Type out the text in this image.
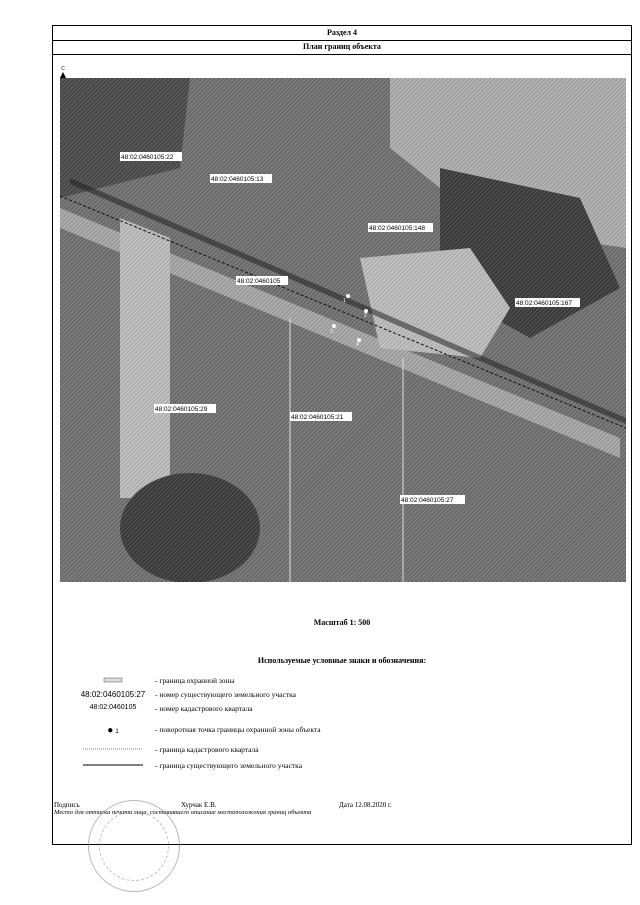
Раздел 4
План границ объекта
С
48:02:0460105:22
48:02:0460105:13
48:02:0460105:148
48:02:0460105
48:02:0460105:167
48:02:0460105:29
48:02:0460105:21
48:02:0460105:27
1
2
3
4
Масштаб 1: 500
Используемые условные знаки и обозначения:
- граница охранной зоны
48:02:0460105:27	- номер существующего земельного участка
48:02:0460105	- номер кадастрового квартала
● 1	- поворотная точка границы охранной зоны объекта
- граница кадастрового квартала
- граница существующего земельного участка
Подпись	Хурчак Е.В.	Дата 12.08.2020 г.
Место для оттиска печати лица, составившего описание местоположения границ объекта
